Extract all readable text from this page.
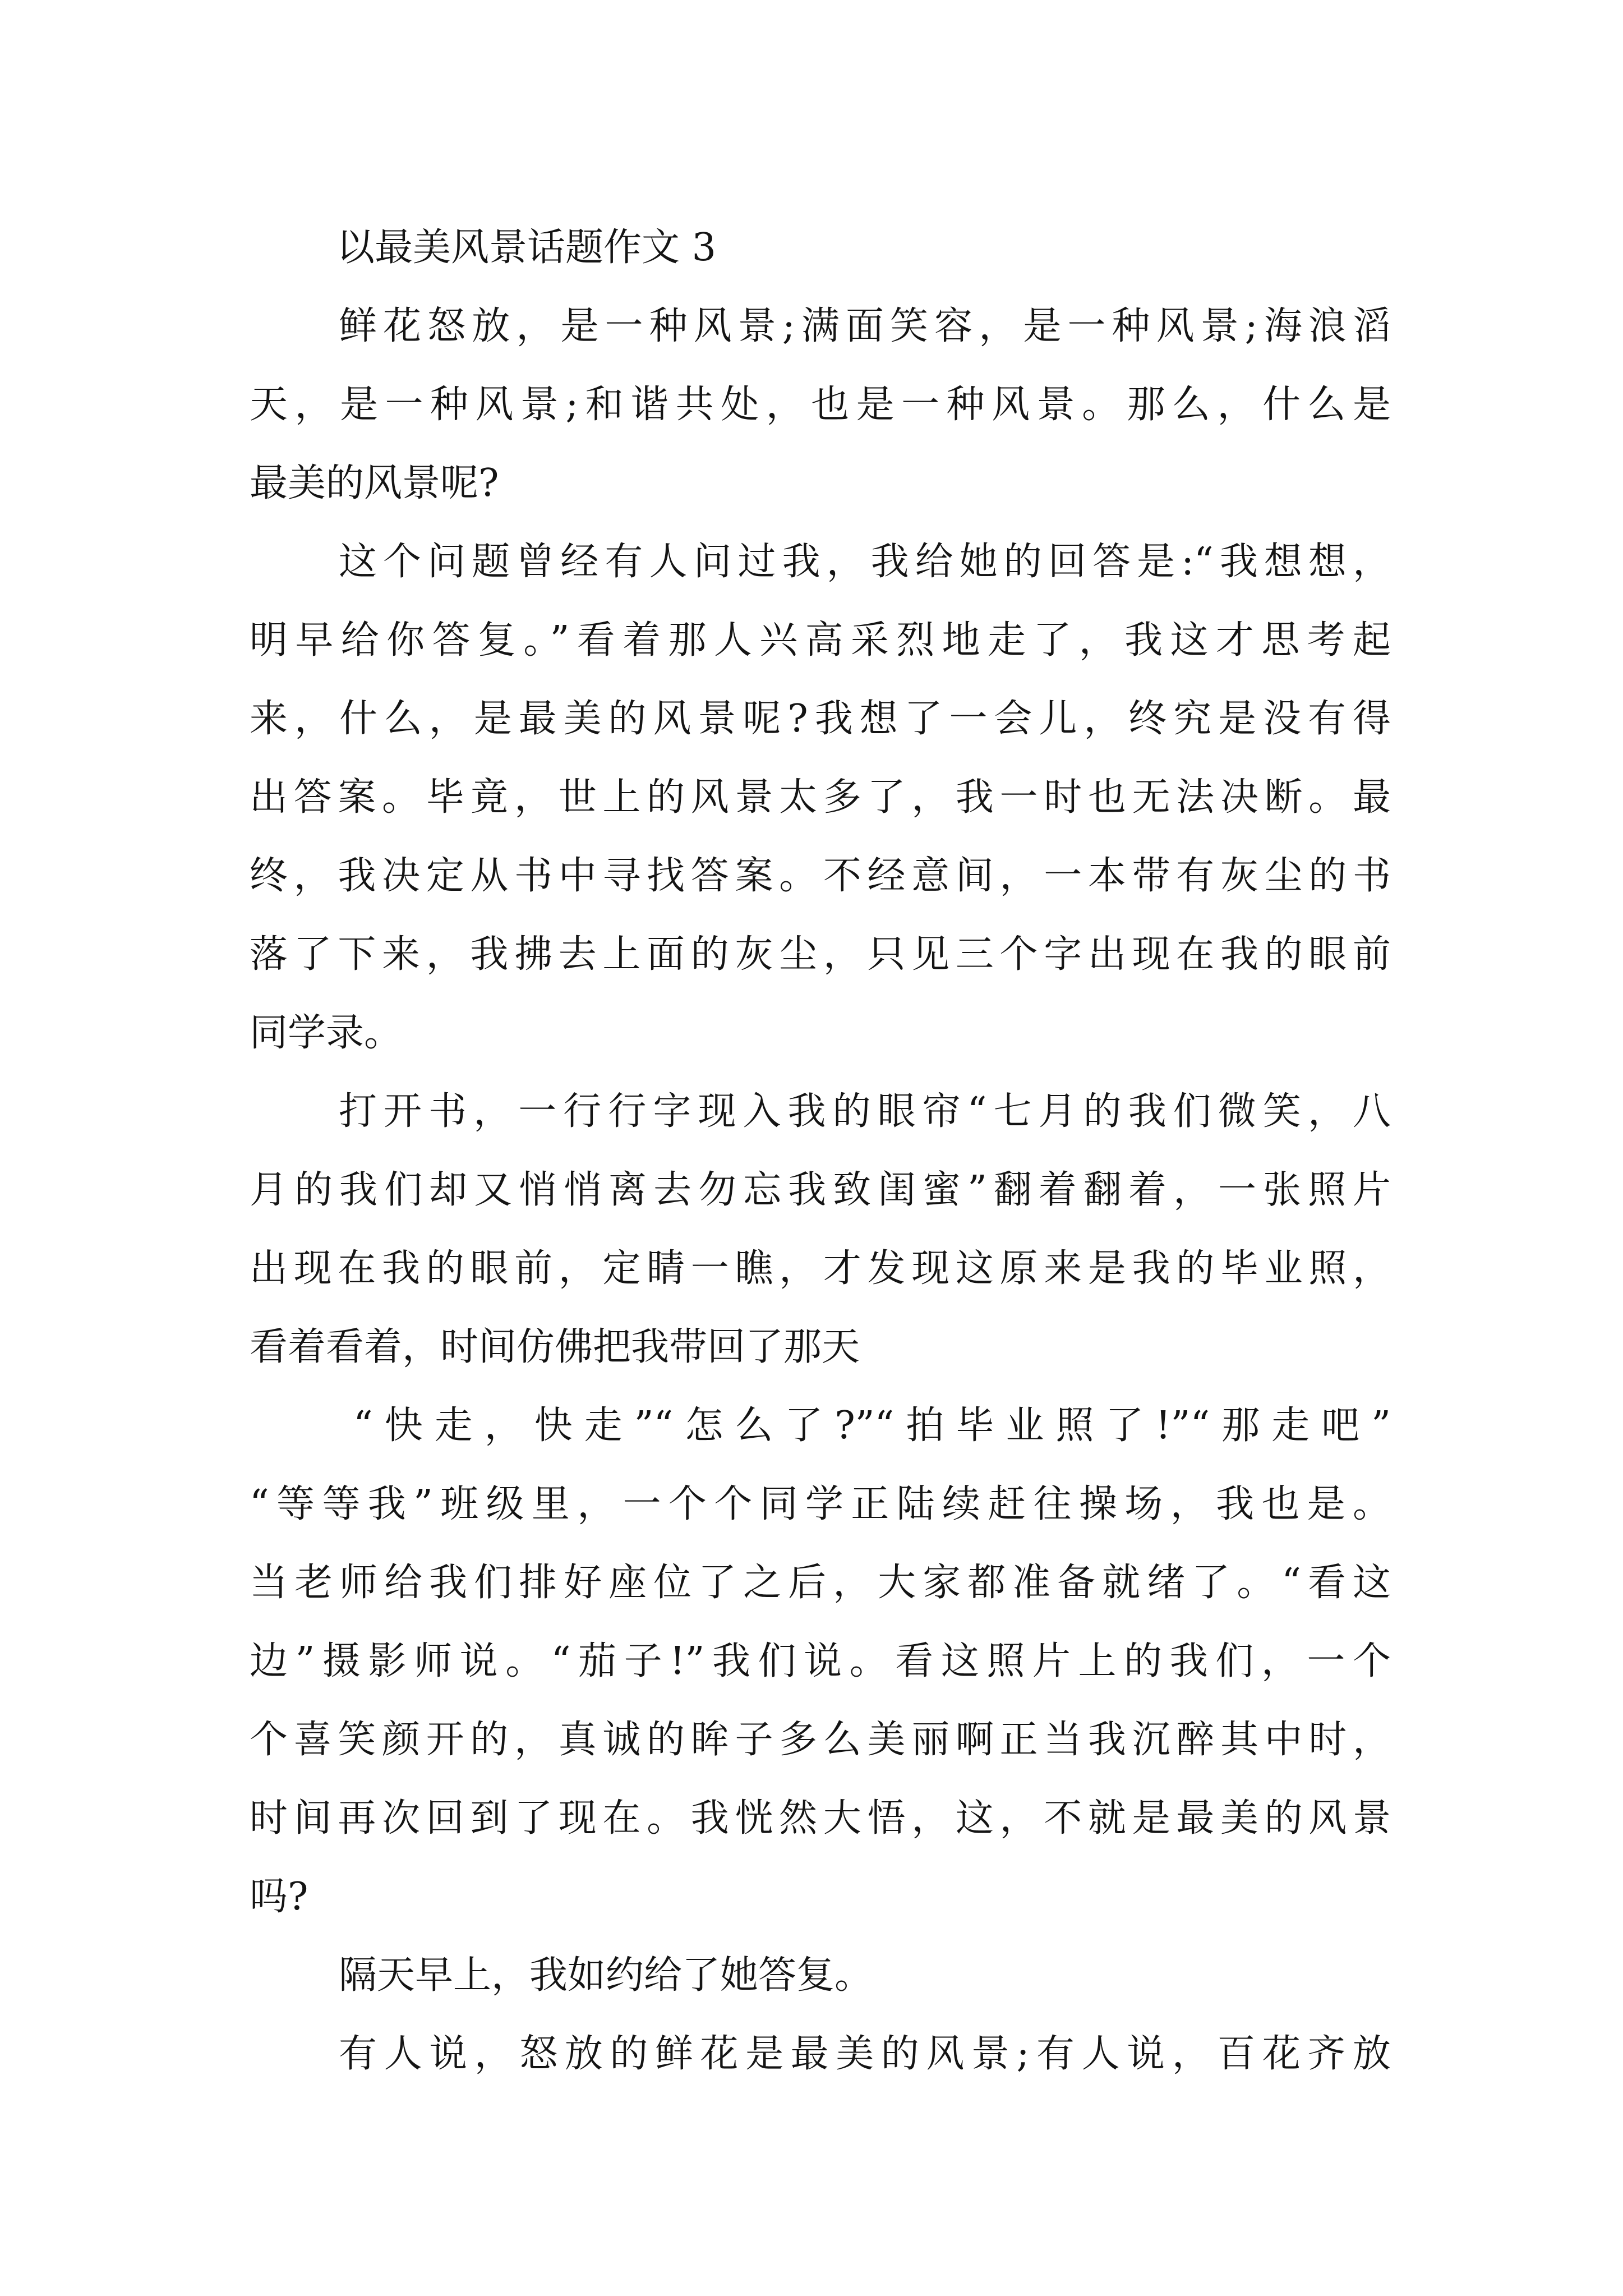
以最美风景话题作文 3
鲜花怒放，是一种风景;满面笑容，是一种风景;海浪滔
天，是一种风景;和谐共处，也是一种风景。那么，什么是
最美的风景呢?
这个问题曾经有人问过我，我给她的回答是:“我想想，
明早给你答复。”看着那人兴高采烈地走了，我这才思考起
来，什么，是最美的风景呢?我想了一会儿，终究是没有得
出答案。毕竟，世上的风景太多了，我一时也无法决断。最
终，我决定从书中寻找答案。不经意间，一本带有灰尘的书
落了下来，我拂去上面的灰尘，只见三个字出现在我的眼前
同学录。
打开书，一行行字现入我的眼帘“七月的我们微笑，八
月的我们却又悄悄离去勿忘我致闺蜜”翻着翻着，一张照片
出现在我的眼前，定睛一瞧，才发现这原来是我的毕业照，
看着看着，时间仿佛把我带回了那天
“快走，快走”“怎么了?”“拍毕业照了!”“那走吧”
“等等我”班级里，一个个同学正陆续赶往操场，我也是。
当老师给我们排好座位了之后，大家都准备就绪了。“看这
边”摄影师说。“茄子!”我们说。看这照片上的我们，一个
个喜笑颜开的，真诚的眸子多么美丽啊正当我沉醉其中时，
时间再次回到了现在。我恍然大悟，这，不就是最美的风景
吗?
隔天早上，我如约给了她答复。
有人说，怒放的鲜花是最美的风景;有人说，百花齐放
